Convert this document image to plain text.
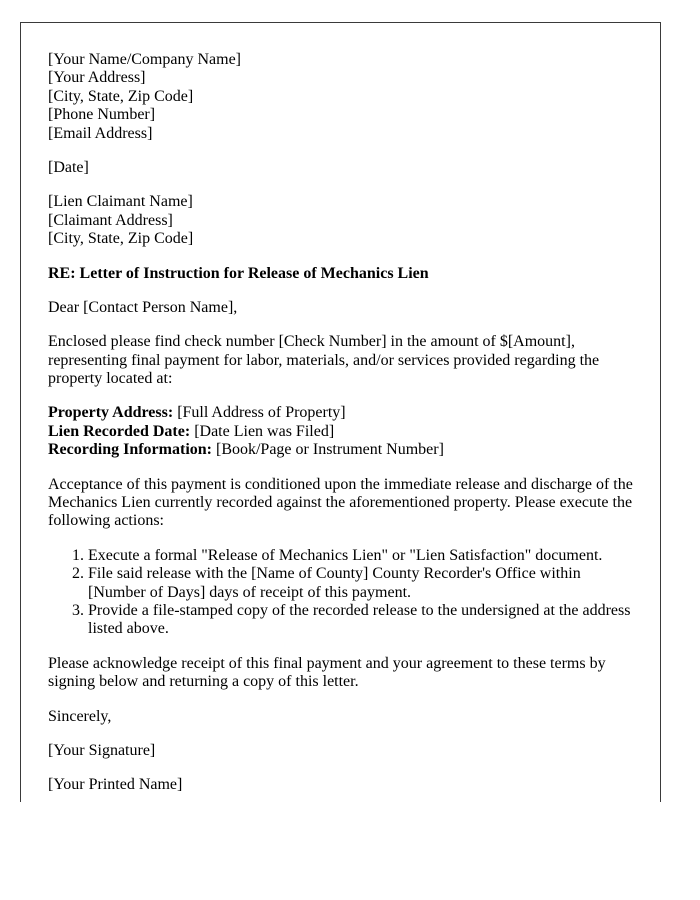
[Your Name/Company Name]
[Your Address]
[City, State, Zip Code]
[Phone Number]
[Email Address]
[Date]
[Lien Claimant Name]
[Claimant Address]
[City, State, Zip Code]
RE: Letter of Instruction for Release of Mechanics Lien
Dear [Contact Person Name],
Enclosed please find check number [Check Number] in the amount of $[Amount], representing final payment for labor, materials, and/or services provided regarding the property located at:
Property Address: [Full Address of Property]
Lien Recorded Date: [Date Lien was Filed]
Recording Information: [Book/Page or Instrument Number]
Acceptance of this payment is conditioned upon the immediate release and discharge of the Mechanics Lien currently recorded against the aforementioned property. Please execute the following actions:
1. Execute a formal "Release of Mechanics Lien" or "Lien Satisfaction" document.
2. File said release with the [Name of County] County Recorder's Office within [Number of Days] days of receipt of this payment.
3. Provide a file-stamped copy of the recorded release to the undersigned at the address listed above.
Please acknowledge receipt of this final payment and your agreement to these terms by signing below and returning a copy of this letter.
Sincerely,
[Your Signature]
[Your Printed Name]
